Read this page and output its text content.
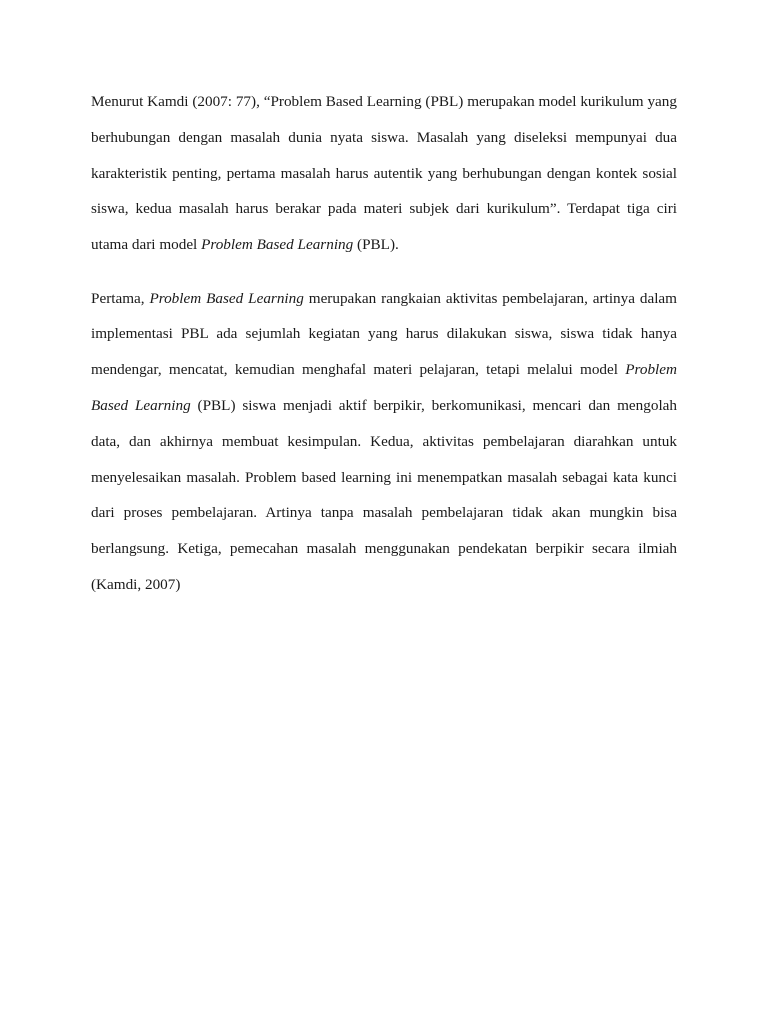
Menurut Kamdi (2007: 77), “Problem Based Learning (PBL) merupakan model kurikulum yang berhubungan dengan masalah dunia nyata siswa. Masalah yang diseleksi mempunyai dua karakteristik penting, pertama masalah harus autentik yang berhubungan dengan kontek sosial siswa, kedua masalah harus berakar pada materi subjek dari kurikulum”. Terdapat tiga ciri utama dari model Problem Based Learning (PBL).

Pertama, Problem Based Learning merupakan rangkaian aktivitas pembelajaran, artinya dalam implementasi PBL ada sejumlah kegiatan yang harus dilakukan siswa, siswa tidak hanya mendengar, mencatat, kemudian menghafal materi pelajaran, tetapi melalui model Problem Based Learning (PBL) siswa menjadi aktif berpikir, berkomunikasi, mencari dan mengolah data, dan akhirnya membuat kesimpulan. Kedua, aktivitas pembelajaran diarahkan untuk menyelesaikan masalah. Problem based learning ini menempatkan masalah sebagai kata kunci dari proses pembelajaran. Artinya tanpa masalah pembelajaran tidak akan mungkin bisa berlangsung. Ketiga, pemecahan masalah menggunakan pendekatan berpikir secara ilmiah (Kamdi, 2007)
